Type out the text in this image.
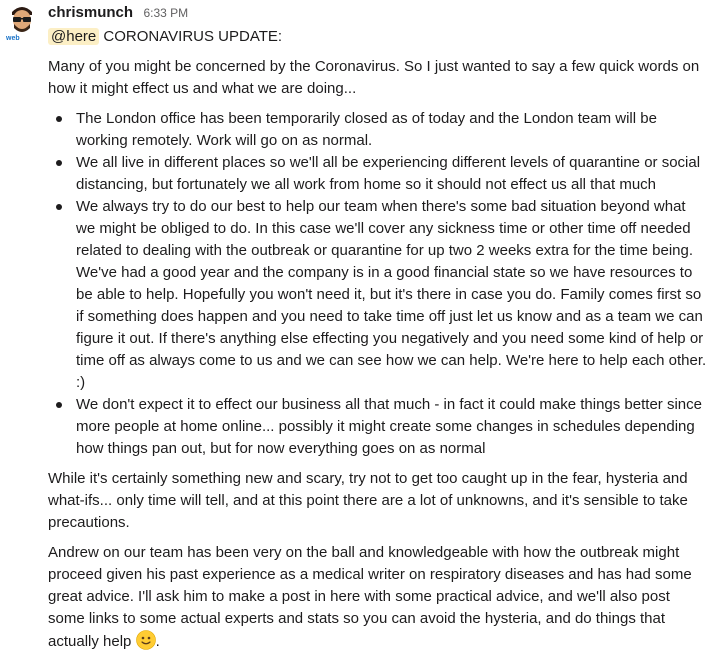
web
chrismunch 6:33 PM
@here CORONAVIRUS UPDATE:

Many of you might be concerned by the Coronavirus. So I just wanted to say a few quick words on how it might effect us and what we are doing...

The London office has been temporarily closed as of today and the London team will be working remotely. Work will go on as normal.
We all live in different places so we'll all be experiencing different levels of quarantine or social distancing, but fortunately we all work from home so it should not effect us all that much
We always try to do our best to help our team when there's some bad situation beyond what we might be obliged to do. In this case we'll cover any sickness time or other time off needed related to dealing with the outbreak or quarantine for up two 2 weeks extra for the time being. We've had a good year and the company is in a good financial state so we have resources to be able to help. Hopefully you won't need it, but it's there in case you do. Family comes first so if something does happen and you need to take time off just let us know and as a team we can figure it out. If there's anything else effecting you negatively and you need some kind of help or time off as always come to us and we can see how we can help. We're here to help each other. :)
We don't expect it to effect our business all that much - in fact it could make things better since more people at home online... possibly it might create some changes in schedules depending how things pan out, but for now everything goes on as normal

While it's certainly something new and scary, try not to get too caught up in the fear, hysteria and what-ifs... only time will tell, and at this point there are a lot of unknowns, and it's sensible to take precautions.

Andrew on our team has been very on the ball and knowledgeable with how the outbreak might proceed given his past experience as a medical writer on respiratory diseases and has had some great advice. I'll ask him to make a post in here with some practical advice, and we'll also post some links to some actual experts and stats so you can avoid the hysteria, and do things that actually help .
